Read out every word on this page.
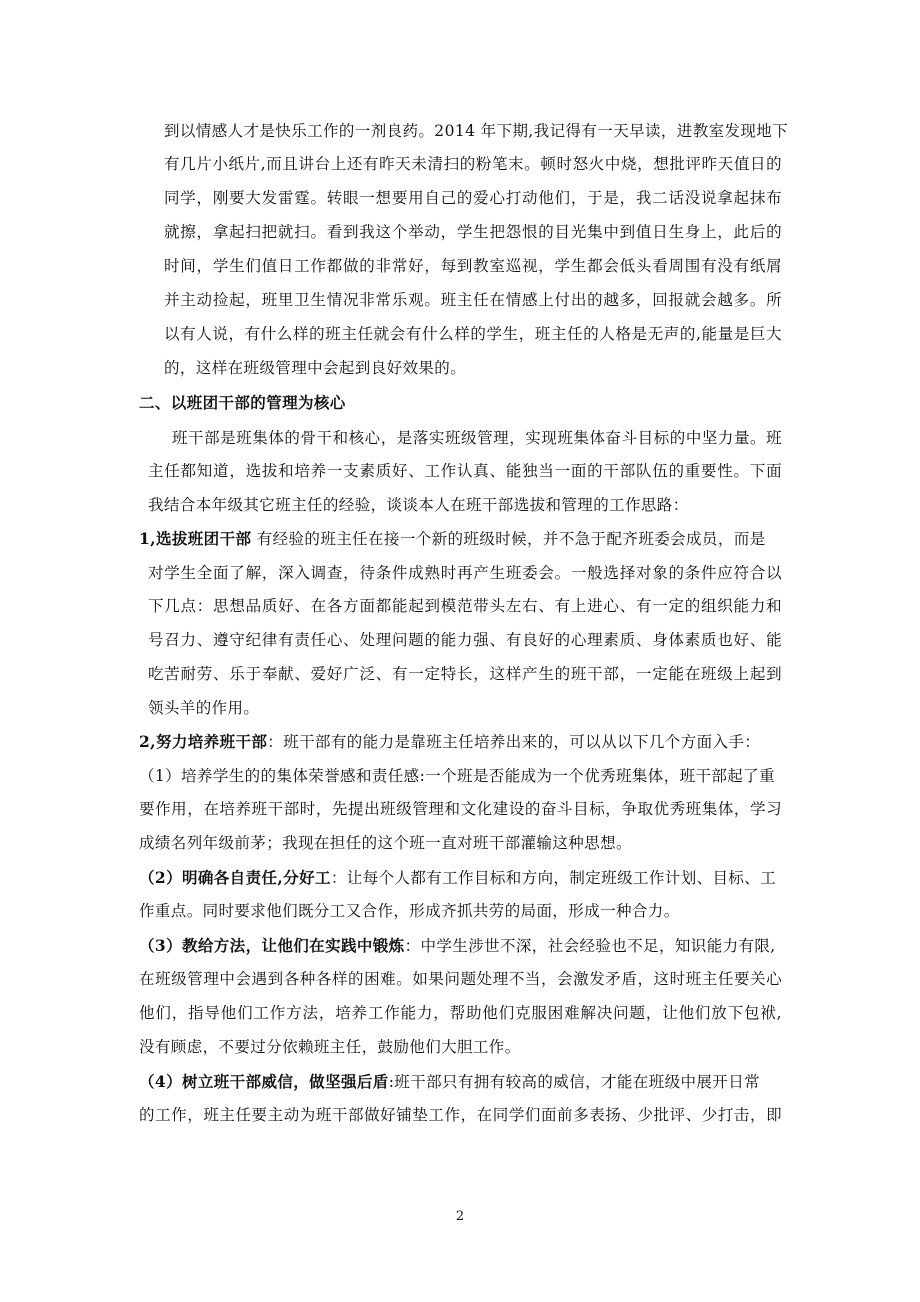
到以情感人才是快乐工作的一剂良药。2014 年下期,我记得有一天早读，进教室发现地下
有几片小纸片,而且讲台上还有昨天未清扫的粉笔末。顿时怒火中烧，想批评昨天值日的
同学，刚要大发雷霆。转眼一想要用自己的爱心打动他们，于是，我二话没说拿起抹布
就擦，拿起扫把就扫。看到我这个举动，学生把怨恨的目光集中到值日生身上，此后的
时间，学生们值日工作都做的非常好，每到教室巡视，学生都会低头看周围有没有纸屑
并主动捡起，班里卫生情况非常乐观。班主任在情感上付出的越多，回报就会越多。所
以有人说，有什么样的班主任就会有什么样的学生，班主任的人格是无声的,能量是巨大
的，这样在班级管理中会起到良好效果的。
二、以班团干部的管理为核心
班干部是班集体的骨干和核心，是落实班级管理，实现班集体奋斗目标的中坚力量。班
主任都知道，选拔和培养一支素质好、工作认真、能独当一面的干部队伍的重要性。下面
我结合本年级其它班主任的经验，谈谈本人在班干部选拔和管理的工作思路：
1,选拔班团干部 有经验的班主任在接一个新的班级时候，并不急于配齐班委会成员，而是
对学生全面了解，深入调查，待条件成熟时再产生班委会。一般选择对象的条件应符合以
下几点：思想品质好、在各方面都能起到模范带头左右、有上进心、有一定的组织能力和
号召力、遵守纪律有责任心、处理问题的能力强、有良好的心理素质、身体素质也好、能
吃苦耐劳、乐于奉献、爱好广泛、有一定特长，这样产生的班干部，一定能在班级上起到
领头羊的作用。
2,努力培养班干部：班干部有的能力是靠班主任培养出来的，可以从以下几个方面入手：
（1）培养学生的的集体荣誉感和责任感:一个班是否能成为一个优秀班集体，班干部起了重
要作用，在培养班干部时，先提出班级管理和文化建设的奋斗目标，争取优秀班集体，学习
成绩名列年级前茅；我现在担任的这个班一直对班干部灌输这种思想。
（2）明确各自责任,分好工：让每个人都有工作目标和方向，制定班级工作计划、目标、工
作重点。同时要求他们既分工又合作，形成齐抓共劳的局面，形成一种合力。
（3）教给方法，让他们在实践中锻炼：中学生涉世不深，社会经验也不足，知识能力有限,
在班级管理中会遇到各种各样的困难。如果问题处理不当，会激发矛盾，这时班主任要关心
他们，指导他们工作方法，培养工作能力，帮助他们克服困难解决问题，让他们放下包袱,
没有顾虑，不要过分依赖班主任，鼓励他们大胆工作。
（4）树立班干部威信，做坚强后盾:班干部只有拥有较高的威信，才能在班级中展开日常
的工作，班主任要主动为班干部做好铺垫工作，在同学们面前多表扬、少批评、少打击，即
2
